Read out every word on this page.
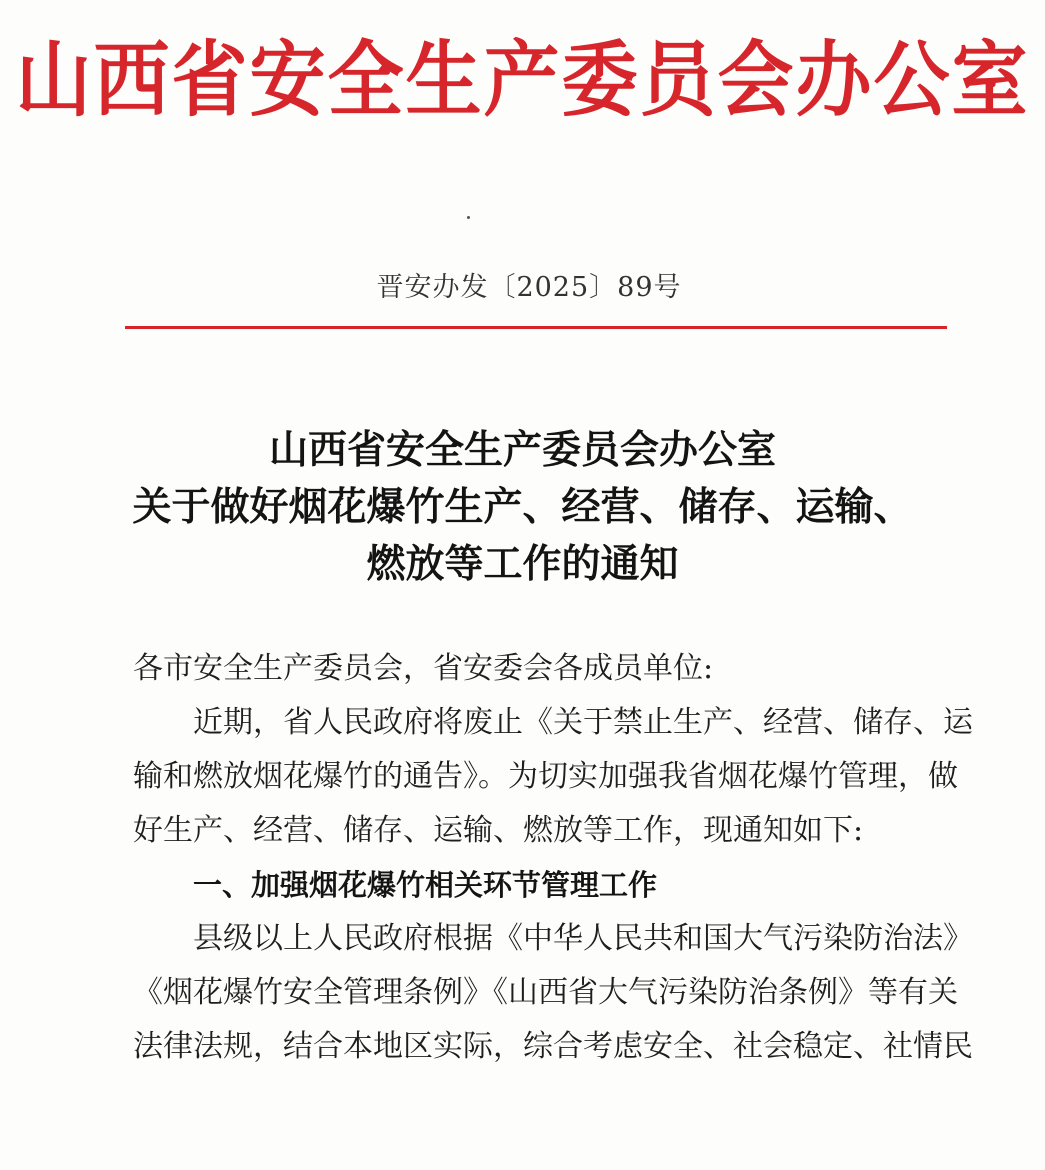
山西省安全生产委员会办公室
晋安办发〔2025〕89号
山西省安全生产委员会办公室
关于做好烟花爆竹生产、经营、储存、运输、
燃放等工作的通知
各市安全生产委员会，省安委会各成员单位:
近期，省人民政府将废止《关于禁止生产、经营、储存、运
输和燃放烟花爆竹的通告》。为切实加强我省烟花爆竹管理，做
好生产、经营、储存、运输、燃放等工作，现通知如下:
一、加强烟花爆竹相关环节管理工作
县级以上人民政府根据《中华人民共和国大气污染防治法》
《烟花爆竹安全管理条例》《山西省大气污染防治条例》等有关
法律法规，结合本地区实际，综合考虑安全、社会稳定、社情民
